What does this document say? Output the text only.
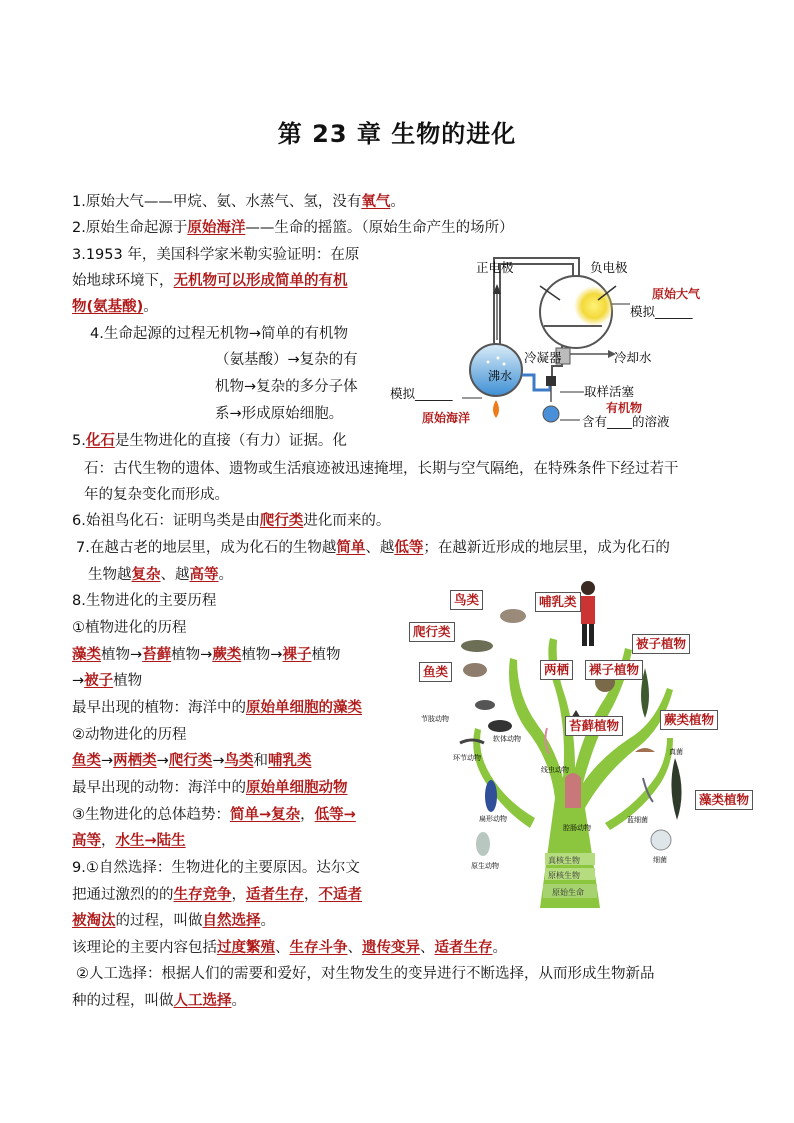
第 23 章 生物的进化
1.原始大气——甲烷、氨、水蒸气、氢，没有氧气。
2.原始生命起源于原始海洋——生命的摇篮。（原始生命产生的场所）
3.1953 年，美国科学家米勒实验证明：在原
始地球环境下，无机物可以形成简单的有机
物(氨基酸)。
4.生命起源的过程无机物→简单的有机物
（氨基酸）→复杂的有
机物→复杂的多分子体
系→形成原始细胞。
5.化石是生物进化的直接（有力）证据。化
石：古代生物的遗体、遗物或生活痕迹被迅速掩埋，长期与空气隔绝，在特殊条件下经过若干
年的复杂变化而形成。
6.始祖鸟化石：证明鸟类是由爬行类进化而来的。
7.在越古老的地层里，成为化石的生物越简单、越低等；在越新近形成的地层里，成为化石的
生物越复杂、越高等。
8.生物进化的主要历程
①植物进化的历程
藻类植物→苔藓植物→蕨类植物→裸子植物
→被子植物
最早出现的植物：海洋中的原始单细胞的藻类
②动物进化的历程
鱼类→两栖类→爬行类→鸟类和哺乳类
最早出现的动物：海洋中的原始单细胞动物
③生物进化的总体趋势：简单→复杂，低等→
高等，水生→陆生
9.①自然选择：生物进化的主要原因。达尔文
把通过激烈的的生存竞争，适者生存，不适者
被淘汰的过程，叫做自然选择。
该理论的主要内容包括过度繁殖、生存斗争、遗传变异、适者生存。
②人工选择：根据人们的需要和爱好，对生物发生的变异进行不断选择，从而形成生物新品
种的过程，叫做人工选择。
正电极	负电极
原始大气
模拟______
冷凝器	冷却水
沸水
模拟______
原始海洋
取样活塞
有机物
含有____的溶液
真核生物
原核生物
原始生命
节肢动物
软体动物
环节动物
线虫动物
扁形动物
腔肠动物
真菌
蓝细菌
原生动物
细菌
鸟类	哺乳类
爬行类
被子植物
鱼类	两栖	裸子植物
蕨类植物
苔藓植物
藻类植物
